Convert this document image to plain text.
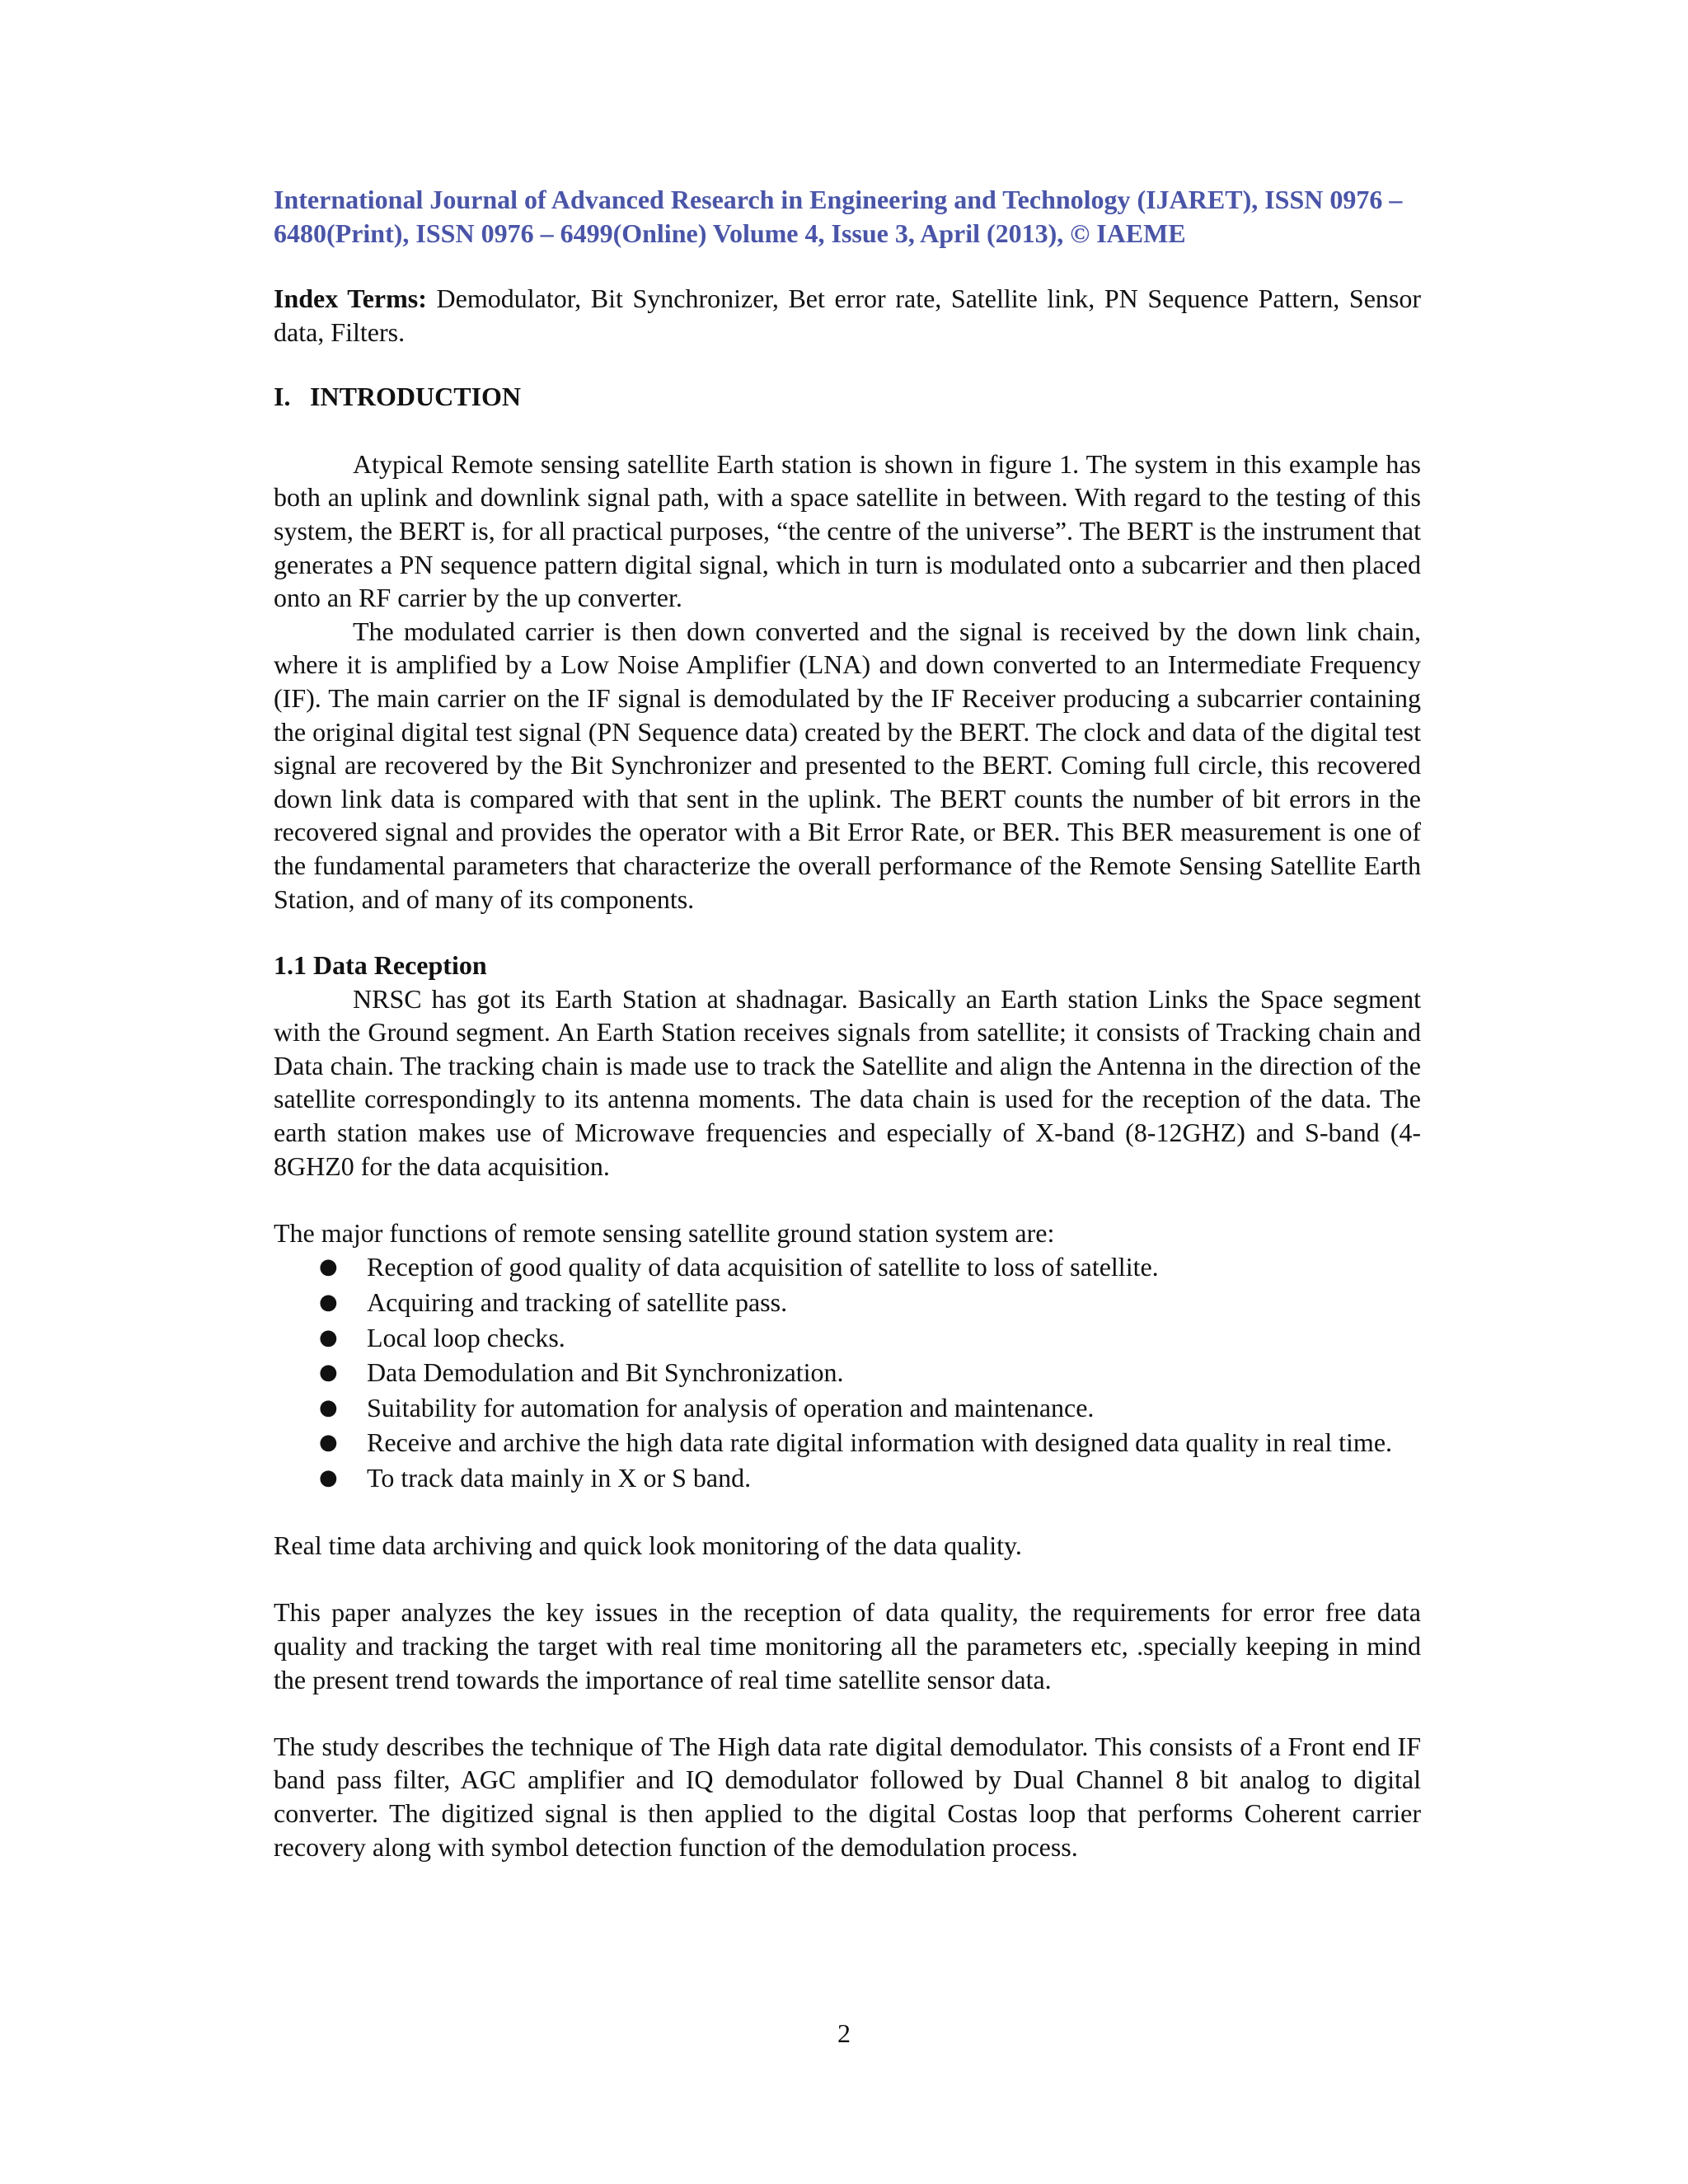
International Journal of Advanced Research in Engineering and Technology (IJARET), ISSN 0976 – 6480(Print), ISSN 0976 – 6499(Online) Volume 4, Issue 3, April (2013), © IAEME

Index Terms: Demodulator, Bit Synchronizer, Bet error rate, Satellite link, PN Sequence Pattern, Sensor data, Filters.

I. INTRODUCTION

Atypical Remote sensing satellite Earth station is shown in figure 1. The system in this example has both an uplink and downlink signal path, with a space satellite in between. With regard to the testing of this system, the BERT is, for all practical purposes, “the centre of the universe”. The BERT is the instrument that generates a PN sequence pattern digital signal, which in turn is modulated onto a subcarrier and then placed onto an RF carrier by the up converter.

The modulated carrier is then down converted and the signal is received by the down link chain, where it is amplified by a Low Noise Amplifier (LNA) and down converted to an Intermediate Frequency (IF). The main carrier on the IF signal is demodulated by the IF Receiver producing a subcarrier containing the original digital test signal (PN Sequence data) created by the BERT. The clock and data of the digital test signal are recovered by the Bit Synchronizer and presented to the BERT. Coming full circle, this recovered down link data is compared with that sent in the uplink. The BERT counts the number of bit errors in the recovered signal and provides the operator with a Bit Error Rate, or BER. This BER measurement is one of the fundamental parameters that characterize the overall performance of the Remote Sensing Satellite Earth Station, and of many of its components.

1.1 Data Reception

NRSC has got its Earth Station at shadnagar. Basically an Earth station Links the Space segment with the Ground segment. An Earth Station receives signals from satellite; it consists of Tracking chain and Data chain. The tracking chain is made use to track the Satellite and align the Antenna in the direction of the satellite correspondingly to its antenna moments. The data chain is used for the reception of the data. The earth station makes use of Microwave frequencies and especially of X-band (8-12GHZ) and S-band (4-8GHZ0 for the data acquisition.

The major functions of remote sensing satellite ground station system are:

● Reception of good quality of data acquisition of satellite to loss of satellite.
● Acquiring and tracking of satellite pass.
● Local loop checks.
● Data Demodulation and Bit Synchronization.
● Suitability for automation for analysis of operation and maintenance.
● Receive and archive the high data rate digital information with designed data quality in real time.
● To track data mainly in X or S band.

Real time data archiving and quick look monitoring of the data quality.

This paper analyzes the key issues in the reception of data quality, the requirements for error free data quality and tracking the target with real time monitoring all the parameters etc, .specially keeping in mind the present trend towards the importance of real time satellite sensor data.

The study describes the technique of The High data rate digital demodulator. This consists of a Front end IF band pass filter, AGC amplifier and IQ demodulator followed by Dual Channel 8 bit analog to digital converter. The digitized signal is then applied to the digital Costas loop that performs Coherent carrier recovery along with symbol detection function of the demodulation process.

2
